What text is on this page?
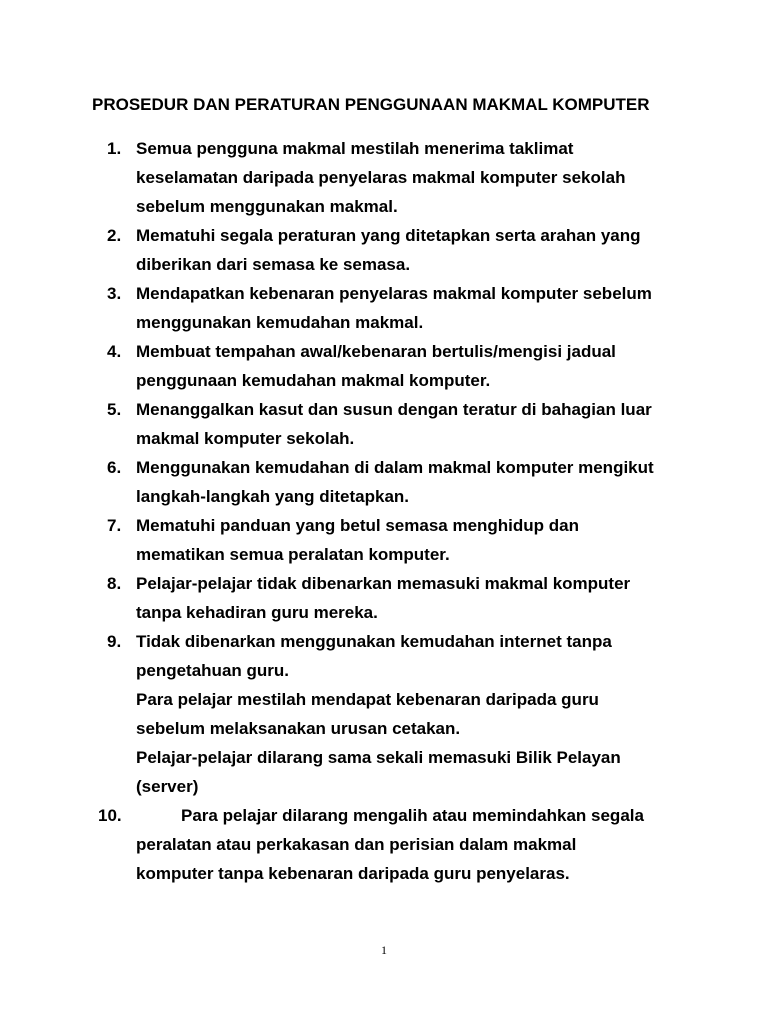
PROSEDUR DAN PERATURAN PENGGUNAAN MAKMAL KOMPUTER
1. Semua pengguna makmal mestilah menerima taklimat
keselamatan daripada penyelaras makmal komputer sekolah
sebelum menggunakan makmal.
2. Mematuhi segala peraturan yang ditetapkan serta arahan yang
diberikan dari semasa ke semasa.
3. Mendapatkan kebenaran penyelaras makmal komputer sebelum
menggunakan kemudahan makmal.
4. Membuat tempahan awal/kebenaran bertulis/mengisi jadual
penggunaan kemudahan makmal komputer.
5. Menanggalkan kasut dan susun dengan teratur di bahagian luar
makmal komputer sekolah.
6. Menggunakan kemudahan di dalam makmal komputer mengikut
langkah-langkah yang ditetapkan.
7. Mematuhi panduan yang betul semasa menghidup dan
mematikan semua peralatan komputer.
8. Pelajar-pelajar tidak dibenarkan memasuki makmal komputer
tanpa kehadiran guru mereka.
9. Tidak dibenarkan menggunakan kemudahan internet tanpa
pengetahuan guru.
Para pelajar mestilah mendapat kebenaran daripada guru
sebelum melaksanakan urusan cetakan.
Pelajar-pelajar dilarang sama sekali memasuki Bilik Pelayan
(server)
10.	Para pelajar dilarang mengalih atau memindahkan segala
peralatan atau perkakasan dan perisian dalam makmal
komputer tanpa kebenaran daripada guru penyelaras.
1
